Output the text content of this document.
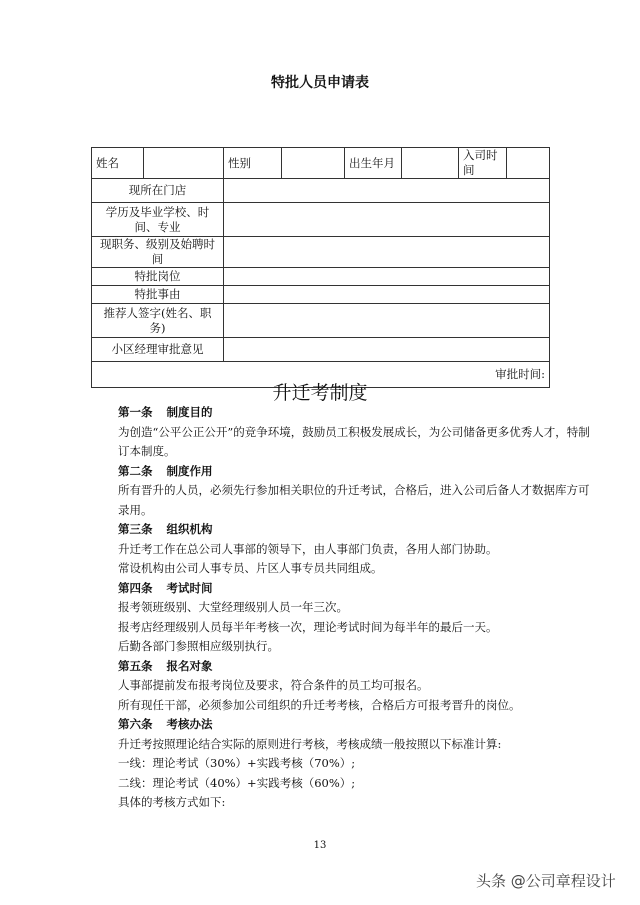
特批人员申请表
姓名		性别		出生年月		入司时间	
现所在门店							
学历及毕业学校、时间、专业							
现职务、级别及始聘时间							
特批岗位							
特批事由							
推荐人签字(姓名、职务)							
小区经理审批意见							
审批时间:							
升迁考制度

第一条 制度目的

为创造“公平公正公开”的竞争环境，鼓励员工积极发展成长，为公司储备更多优秀人才，特制订本制度。

第二条 制度作用

所有晋升的人员，必须先行参加相关职位的升迁考试，合格后，进入公司后备人才数据库方可录用。

第三条 组织机构

升迁考工作在总公司人事部的领导下，由人事部门负责，各用人部门协助。

常设机构由公司人事专员、片区人事专员共同组成。

第四条 考试时间

报考领班级别、大堂经理级别人员一年三次。

报考店经理级别人员每半年考核一次，理论考试时间为每半年的最后一天。

后勤各部门参照相应级别执行。

第五条 报名对象

人事部提前发布报考岗位及要求，符合条件的员工均可报名。

所有现任干部，必须参加公司组织的升迁考考核，合格后方可报考晋升的岗位。

第六条 考核办法

升迁考按照理论结合实际的原则进行考核，考核成绩一般按照以下标准计算:

一线：理论考试（30%）+实践考核（70%）;

二线：理论考试（40%）+实践考核（60%）;

具体的考核方式如下:

13
头条 @公司章程设计
